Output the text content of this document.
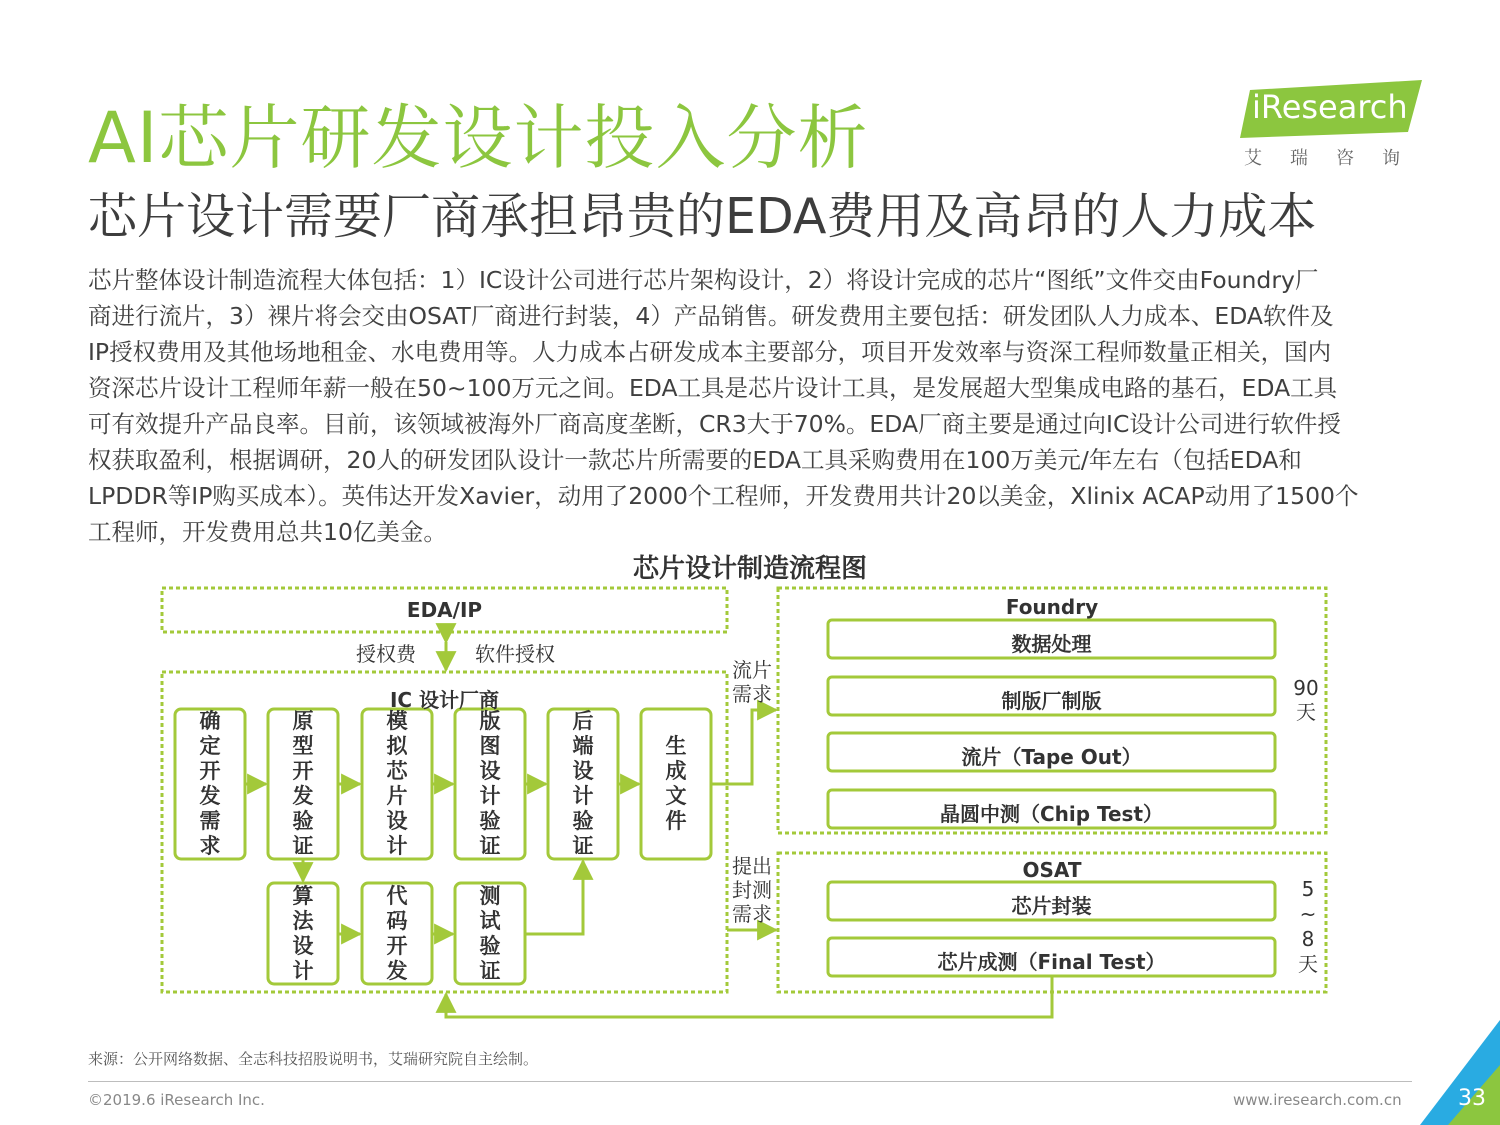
AI芯片研发设计投入分析
芯片设计需要厂商承担昂贵的EDA费用及高昂的人力成本
iResearch
艾瑞咨询
芯片整体设计制造流程大体包括：1）IC设计公司进行芯片架构设计，2）将设计完成的芯片“图纸”文件交由Foundry厂
商进行流片，3）裸片将会交由OSAT厂商进行封装，4）产品销售。研发费用主要包括：研发团队人力成本、EDA软件及
IP授权费用及其他场地租金、水电费用等。人力成本占研发成本主要部分，项目开发效率与资深工程师数量正相关，国内
资深芯片设计工程师年薪一般在50~100万元之间。EDA工具是芯片设计工具，是发展超大型集成电路的基石，EDA工具
可有效提升产品良率。目前，该领域被海外厂商高度垄断，CR3大于70%。EDA厂商主要是通过向IC设计公司进行软件授
权获取盈利，根据调研，20人的研发团队设计一款芯片所需要的EDA工具采购费用在100万美元/年左右（包括EDA和
LPDDR等IP购买成本）。英伟达开发Xavier，动用了2000个工程师，开发费用共计20以美金，Xlinix ACAP动用了1500个
工程师，开发费用总共10亿美金。
芯片设计制造流程图
EDA/IP
授权费	软件授权
IC 设计厂商
确定开发需求
原型开发验证
模拟芯片设计
版图设计验证
后端设计验证
生成文件
算法设计
代码开发
测试验证
流片需求
提出封测需求
Foundry
数据处理
制版厂制版
流片（Tape Out）
晶圆中测（Chip Test）
90天
OSAT
芯片封装
芯片成测（Final Test）
5~8天
来源：公开网络数据、全志科技招股说明书，艾瑞研究院自主绘制。
©2019.6 iResearch Inc.	www.iresearch.com.cn	33
